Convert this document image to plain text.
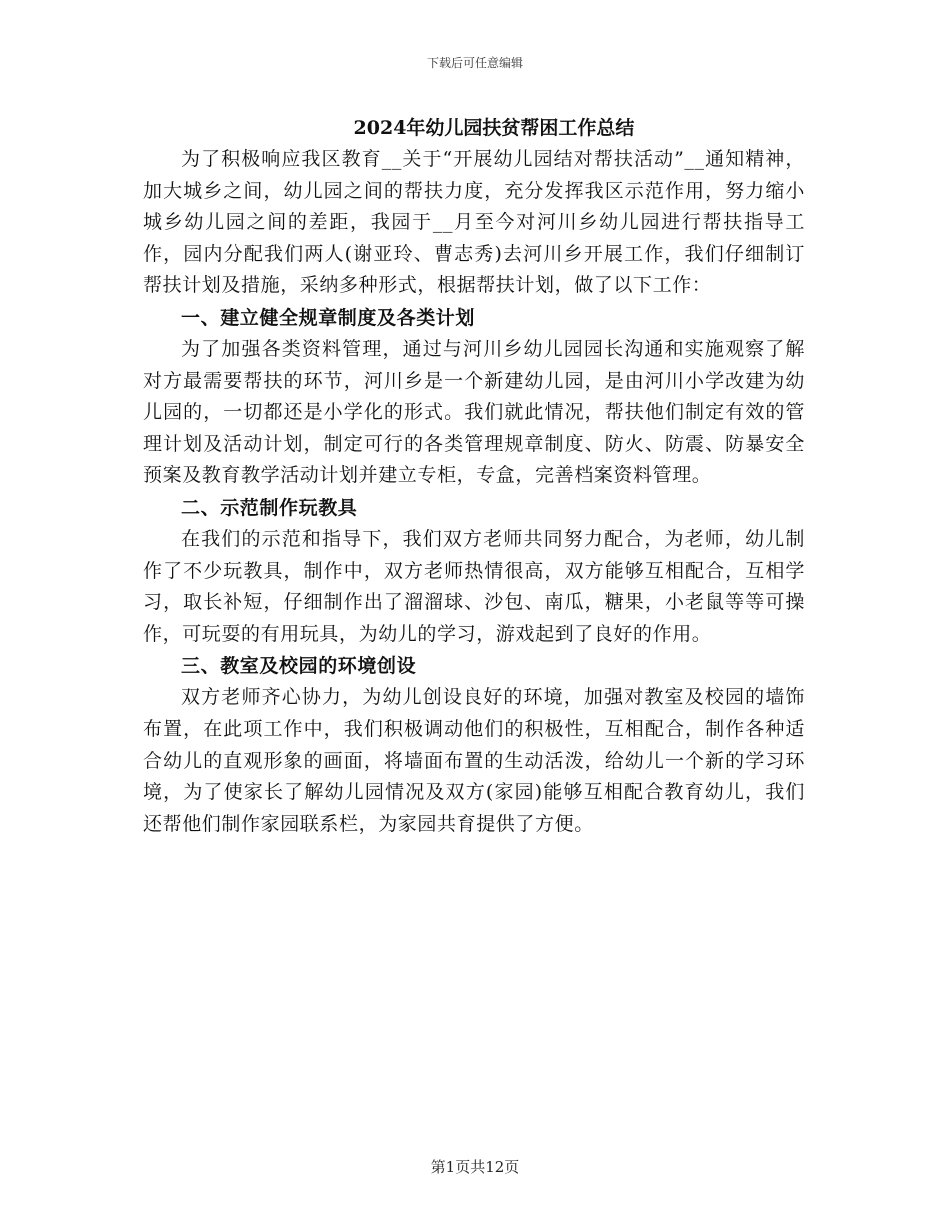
下载后可任意编辑
2024年幼儿园扶贫帮困工作总结

为了积极响应我区教育__关于“开展幼儿园结对帮扶活动”__通知精神，加大城乡之间，幼儿园之间的帮扶力度，充分发挥我区示范作用，努力缩小城乡幼儿园之间的差距，我园于__月至今对河川乡幼儿园进行帮扶指导工作，园内分配我们两人(谢亚玲、曹志秀)去河川乡开展工作，我们仔细制订帮扶计划及措施，采纳多种形式，根据帮扶计划，做了以下工作：

一、建立健全规章制度及各类计划

为了加强各类资料管理，通过与河川乡幼儿园园长沟通和实施观察了解对方最需要帮扶的环节，河川乡是一个新建幼儿园，是由河川小学改建为幼儿园的，一切都还是小学化的形式。我们就此情况，帮扶他们制定有效的管理计划及活动计划，制定可行的各类管理规章制度、防火、防震、防暴安全预案及教育教学活动计划并建立专柜，专盒，完善档案资料管理。

二、示范制作玩教具

在我们的示范和指导下，我们双方老师共同努力配合，为老师，幼儿制作了不少玩教具，制作中，双方老师热情很高，双方能够互相配合，互相学习，取长补短，仔细制作出了溜溜球、沙包、南瓜，糖果，小老鼠等等可操作，可玩耍的有用玩具，为幼儿的学习，游戏起到了良好的作用。

三、教室及校园的环境创设

双方老师齐心协力，为幼儿创设良好的环境，加强对教室及校园的墙饰布置，在此项工作中，我们积极调动他们的积极性，互相配合，制作各种适合幼儿的直观形象的画面，将墙面布置的生动活泼，给幼儿一个新的学习环境，为了使家长了解幼儿园情况及双方(家园)能够互相配合教育幼儿，我们还帮他们制作家园联系栏，为家园共育提供了方便。

第1页共12页
